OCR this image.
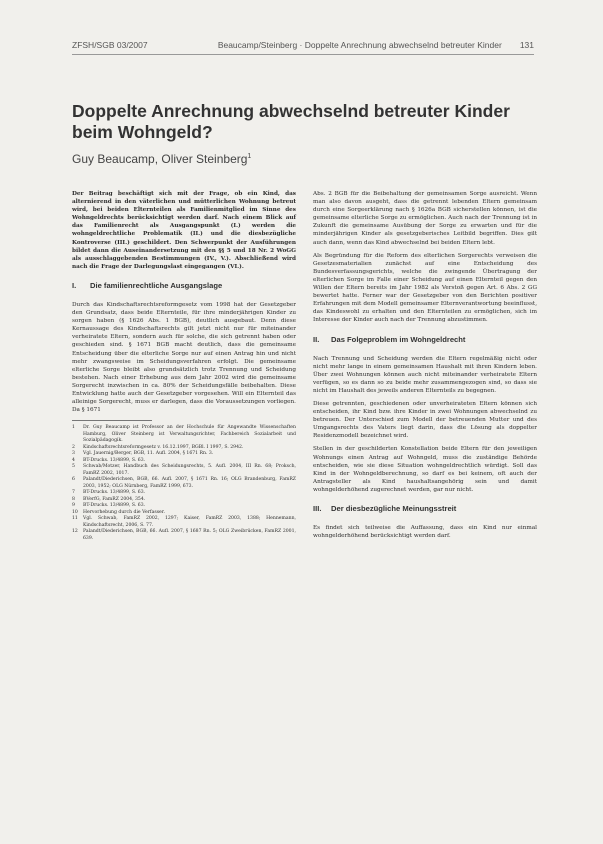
ZFSH/SGB 03/2007	Beaucamp/Steinberg · Doppelte Anrechnung abwechselnd betreuter Kinder 131
Doppelte Anrechnung abwechselnd betreuter Kinder beim Wohngeld?
Guy Beaucamp, Oliver Steinberg$^1$

Der Beitrag beschäftigt sich mit der Frage, ob ein Kind, das alternierend in den väterlichen und mütterlichen Wohnung betreut wird, bei beiden Elternteilen als Familienmitglied im Sinne des Wohngeldrechts berücksichtigt werden darf. Nach einem Blick auf das Familienrecht als Ausgangspunkt (I.) werden die wohngeldrechtliche Problematik (II.) und die diesbezügliche Kontroverse (III.) geschildert. Den Schwerpunkt der Ausführungen bildet dann die Auseinandersetzung mit den §§ 5 und 18 Nr. 2 WoGG als ausschlaggebenden Bestimmungen (IV., V.). Abschließend wird nach die Frage der Darlegungslast eingegangen (VI.).

I. Die familienrechtliche Ausgangslage

Durch das Kindschaftsrechtsreformgesetz vom 1998 hat der Gesetzgeber den Grundsatz, dass beide Elternteile, für ihre minderjährigen Kinder zu sorgen haben (§ 1626 Abs. 1 BGB), deutlich ausgebaut. Denn diese Kernaussage des Kindschaftsrechts gilt jetzt nicht nur für miteinander verheiratete Eltern, sondern auch für solche, die sich getrennt haben oder geschieden sind. § 1671 BGB macht deutlich, dass die gemeinsame Entscheidung über die elterliche Sorge nur auf einen Antrag hin und nicht mehr zwangsweise im Scheidungsverfahren erfolgt. Die gemeinsame elterliche Sorge bleibt also grundsätzlich trotz Trennung und Scheidung bestehen. Nach einer Erhebung aus dem Jahr 2002 wird die gemeinsame Sorgerecht inzwischen in ca. 80% der Scheidungsfälle beibehalten. Diese Entwicklung hatte auch der Gesetzgeber vorgesehen. Will ein Elternteil das alleinige Sorgerecht, muss er darlegen, dass die Voraussetzungen vorliegen. Da § 1671

1	Dr. Guy Beaucamp ist Professor an der Hochschule für Angewandte Wissenschaften Hamburg, Oliver Steinberg ist Verwaltungsrichter, Fachbereich Sozialarbeit und Sozialpädagogik.
2	Kindschaftsrechtsreformgesetz v. 16.12.1997, BGBl. I 1997, S. 2942.
3	Vgl. Jauernig/Berger, BGB, 11. Aufl. 2004, § 1671 Rn. 3.
4	BT-Drucks. 13/4899, S. 63.
5	Schwab/Motzer, Handbuch des Scheidungsrechts, 5. Aufl. 2004, III Rn. 68; Proksch, FamRZ 2002, 1017.
6	Palandt/Diederichsen, BGB, 66. Aufl. 2007, § 1671 Rn. 16; OLG Brandenburg, FamRZ 2003, 1952; OLG Nürnberg, FamRZ 1999, 673.
7	BT-Drucks. 13/4899, S. 63.
8	BVerfG, FamRZ 2004, 354.
9	BT-Drucks. 13/4899, S. 63.
10	Hervorhebung durch die Verfasser.
11	Vgl. Schwab, FamRZ 2002, 1297; Kaiser, FamRZ 2003, 1388; Hennemann, Kindschaftsrecht, 2006, S. 77.
12	Palandt/Diederichsen, BGB, 66. Aufl. 2007, § 1687 Rn. 5; OLG Zweibrücken, FamRZ 2001, 639.

Abs. 2 BGB für die Beibehaltung der gemeinsamen Sorge ausreicht. Wenn man also davon ausgeht, dass die getrennt lebenden Eltern gemeinsam durch eine Sorgeerklärung nach § 1626a BGB sicherstellen können, ist die gemeinsame elterliche Sorge zu ermöglichen. Auch nach der Trennung ist in Zukunft die gemeinsame Ausübung der Sorge zu erwarten und für die minderjährigen Kinder als gesetzgeberisches Leitbild begriffen. Dies gilt auch dann, wenn das Kind abwechselnd bei beiden Eltern lebt.

Als Begründung für die Reform des elterlichen Sorgerechts verweisen die Gesetzesmaterialien zunächst auf eine Entscheidung des Bundesverfassungsgerichts, welche die zwingende Übertragung der elterlichen Sorge im Falle einer Scheidung auf einen Elternteil gegen den Willen der Eltern bereits im Jahr 1982 als Verstoß gegen Art. 6 Abs. 2 GG bewertet hatte. Ferner war der Gesetzgeber von den Berichten positiver Erfahrungen mit dem Modell gemeinsamer Elternverantwortung beeinflusst, das Kindeswohl zu erhalten und den Elternteilen zu ermöglichen, sich im Interesse der Kinder auch nach der Trennung abzustimmen.

II. Das Folgeproblem im Wohngeldrecht

Nach Trennung und Scheidung werden die Eltern regelmäßig nicht oder nicht mehr lange in einem gemeinsamen Haushalt mit ihren Kindern leben. Über zwei Wohnungen können auch nicht miteinander verheiratete Eltern verfügen, so es dann so zu beide mehr zusammengezogen sind, so dass sie nicht im Haushalt des jeweils anderen Elternteils zu begegnen.

Diese getrennten, geschiedenen oder unverheirateten Eltern können sich entscheiden, ihr Kind bzw. ihre Kinder in zwei Wohnungen abwechselnd zu betreuen. Der Unterschied zum Modell der betreuenden Mutter und des Umgangsrechts des Vaters liegt darin, dass die Lösung als doppelter Residenzmodell bezeichnet wird.

Stellen in der geschilderten Konstellation beide Eltern für den jeweiligen Wohnungs einen Antrag auf Wohngeld, muss die zuständige Behörde entscheiden, wie sie diese Situation wohngeldrechtlich würdigt. Soll das Kind in der Wohngeldberechnung, so darf es bei keinem, oft auch der Antragsteller als Kind haushaltsangehörig sein und damit wohngelderhöhend zugerechnet werden, gar nur nicht.

III. Der diesbezügliche Meinungsstreit

Es findet sich teilweise die Auffassung, dass ein Kind nur einmal wohngelderhöhend berücksichtigt werden darf.
